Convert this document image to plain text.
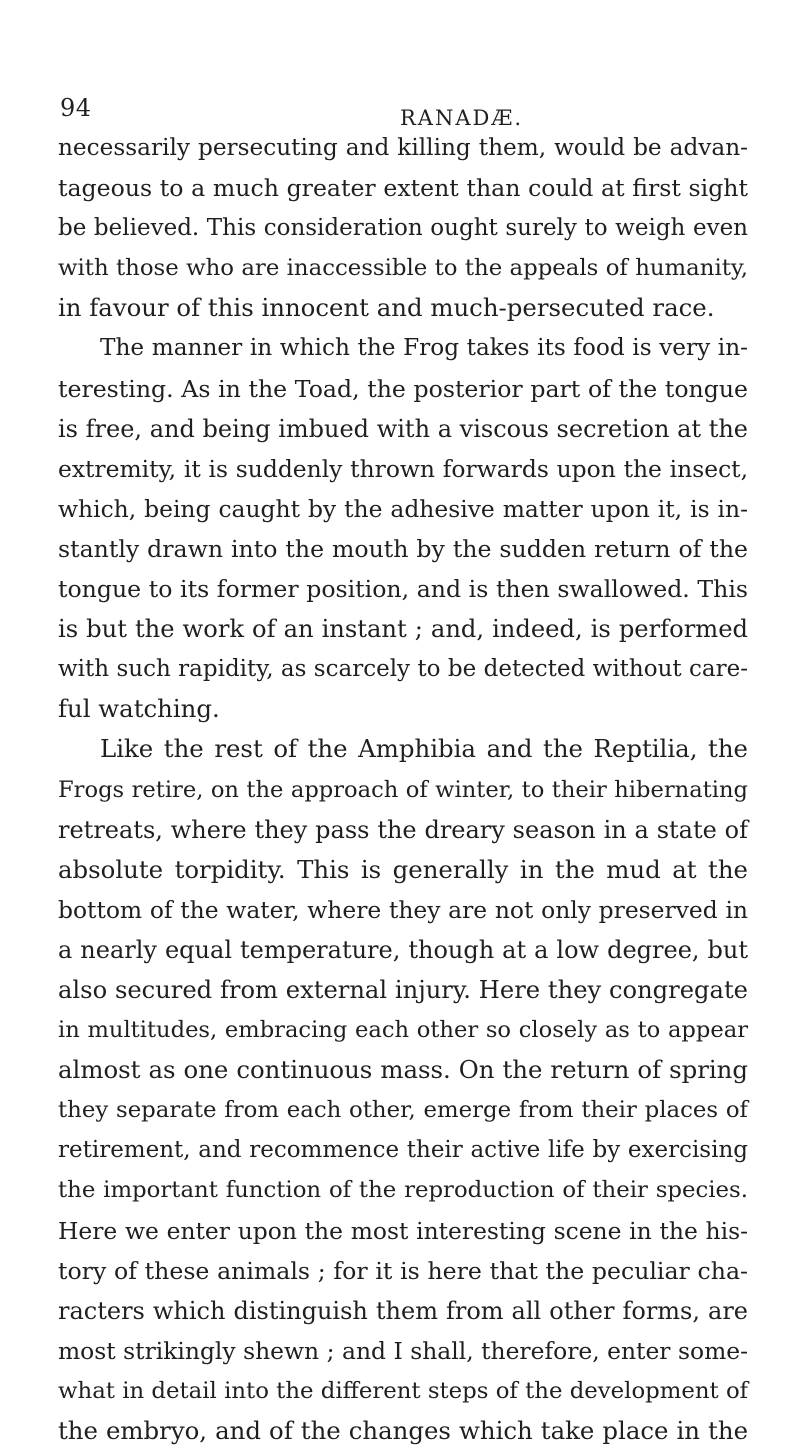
94	RANADÆ.
necessarily persecuting and killing them, would be advan-
tageous to a much greater extent than could at first sight
be believed. This consideration ought surely to weigh even
with those who are inaccessible to the appeals of humanity,
in favour of this innocent and much-persecuted race.
The manner in which the Frog takes its food is very in-
teresting. As in the Toad, the posterior part of the tongue
is free, and being imbued with a viscous secretion at the
extremity, it is suddenly thrown forwards upon the insect,
which, being caught by the adhesive matter upon it, is in-
stantly drawn into the mouth by the sudden return of the
tongue to its former position, and is then swallowed. This
is but the work of an instant ; and, indeed, is performed
with such rapidity, as scarcely to be detected without care-
ful watching.
Like the rest of the Amphibia and the Reptilia, the
Frogs retire, on the approach of winter, to their hibernating
retreats, where they pass the dreary season in a state of
absolute torpidity. This is generally in the mud at the
bottom of the water, where they are not only preserved in
a nearly equal temperature, though at a low degree, but
also secured from external injury. Here they congregate
in multitudes, embracing each other so closely as to appear
almost as one continuous mass. On the return of spring
they separate from each other, emerge from their places of
retirement, and recommence their active life by exercising
the important function of the reproduction of their species.
Here we enter upon the most interesting scene in the his-
tory of these animals ; for it is here that the peculiar cha-
racters which distinguish them from all other forms, are
most strikingly shewn ; and I shall, therefore, enter some-
what in detail into the different steps of the development of
the embryo, and of the changes which take place in the
